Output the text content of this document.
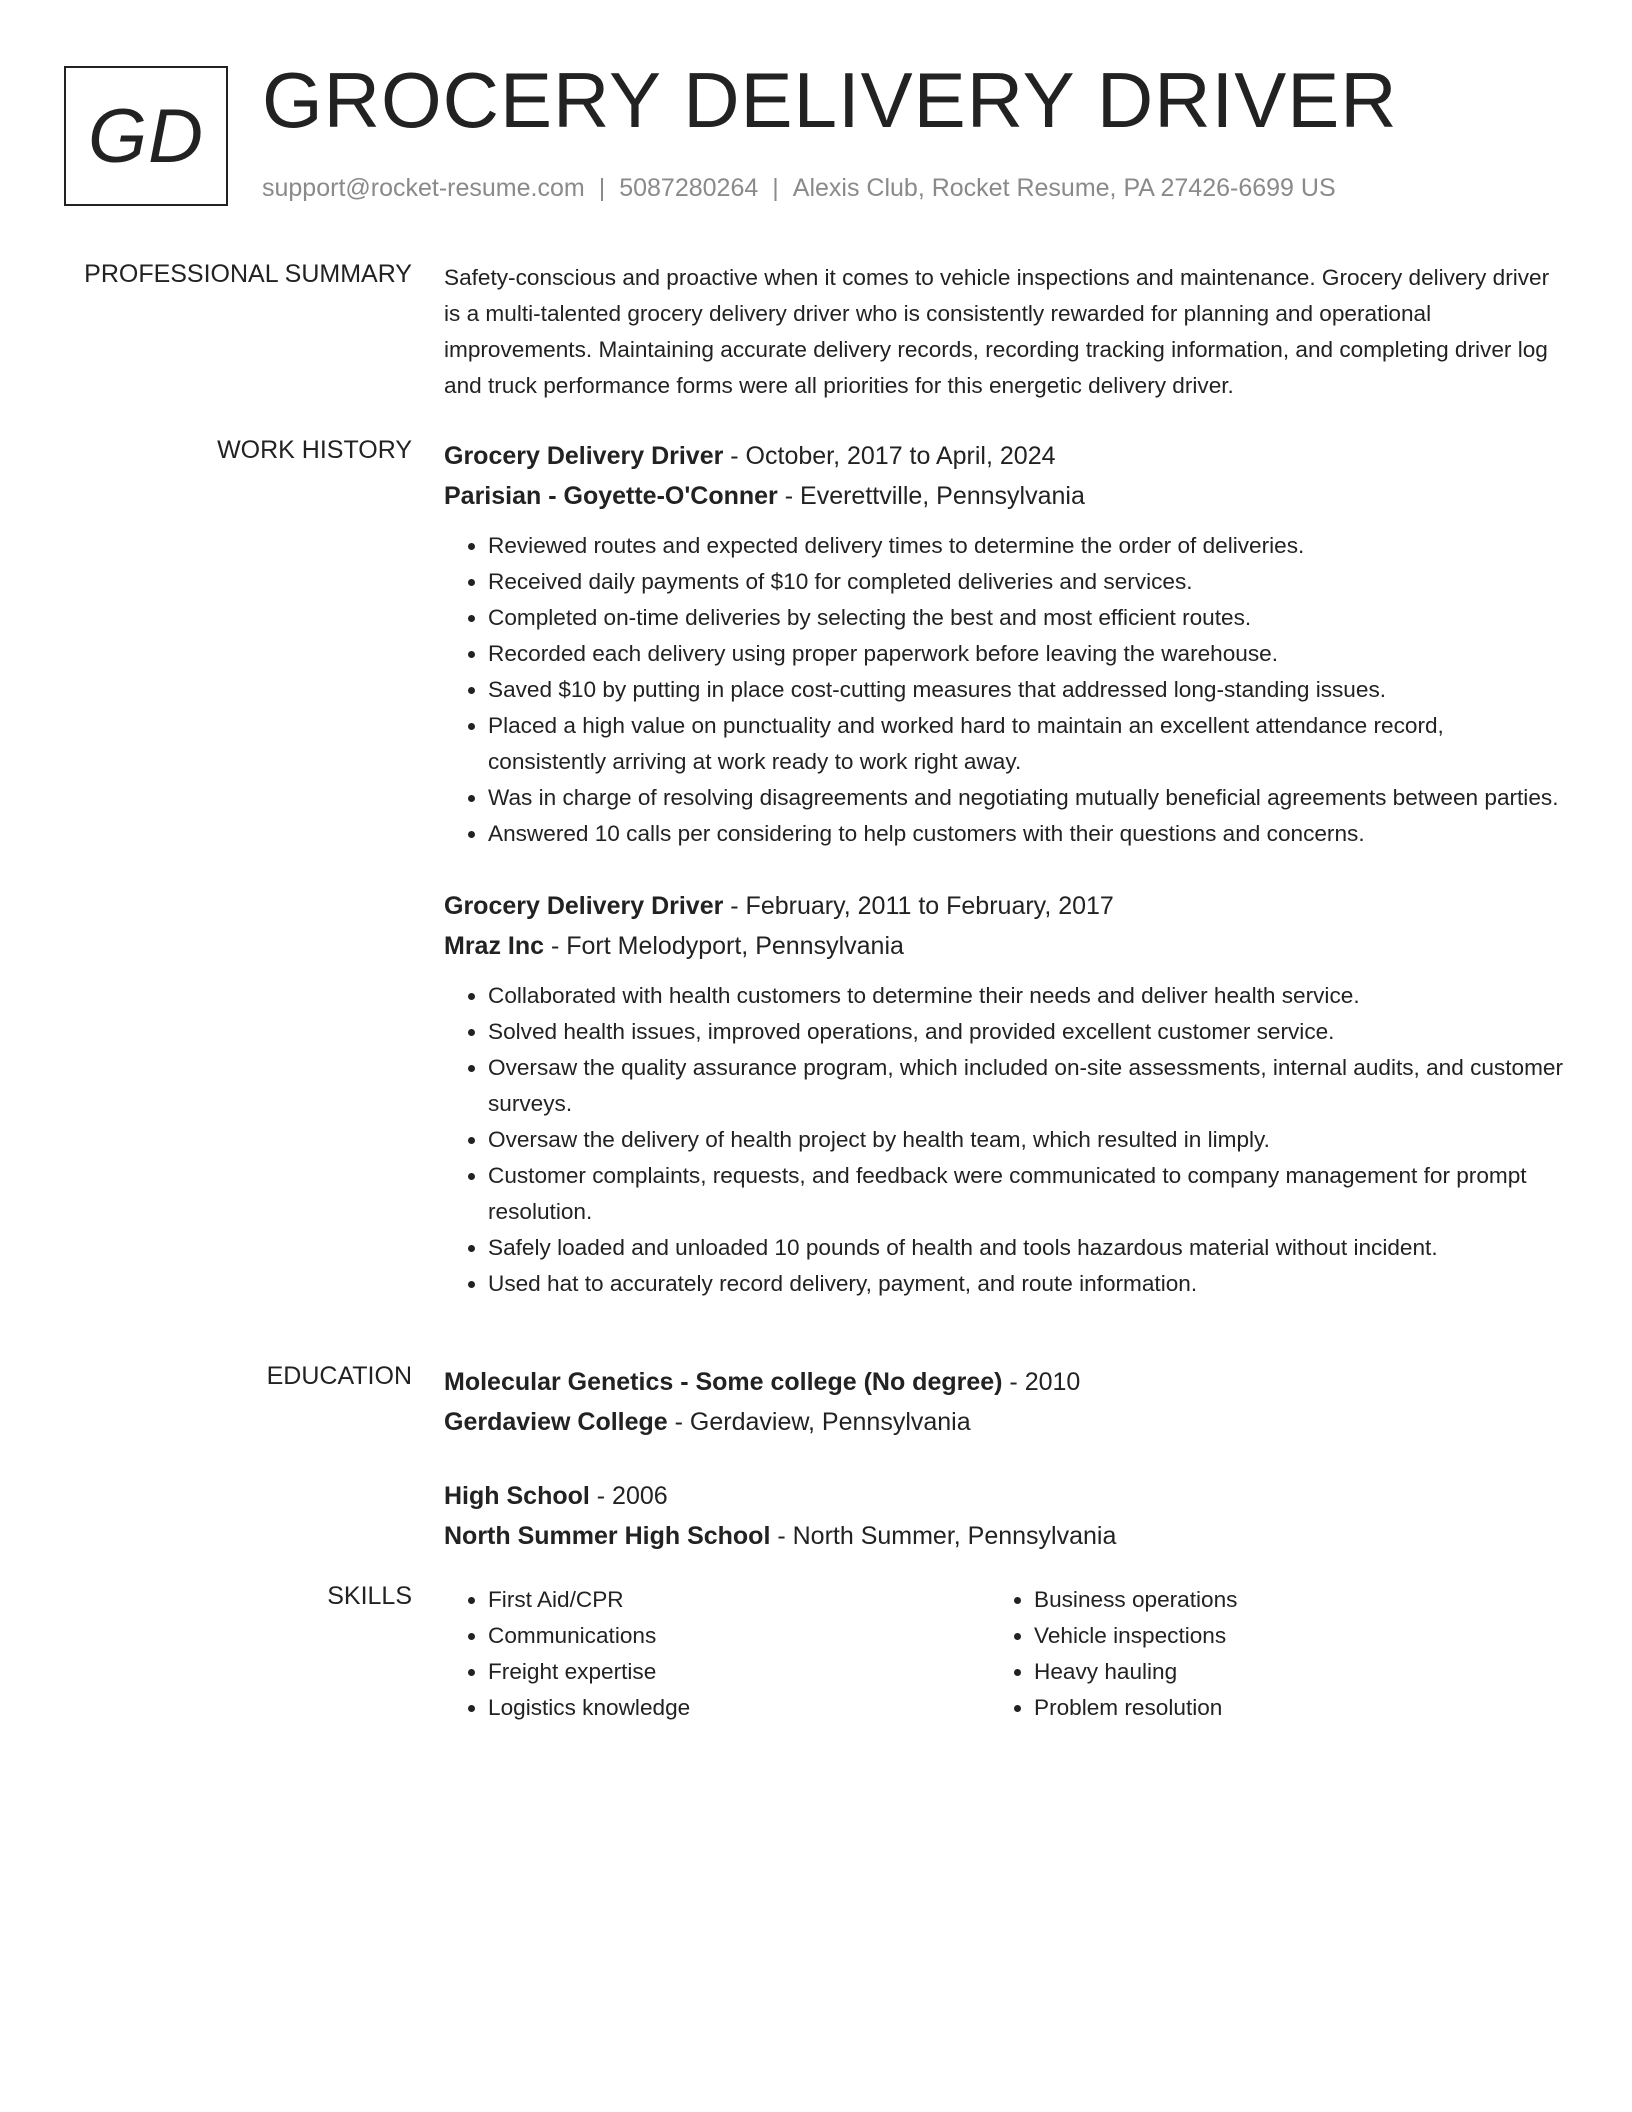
GD GROCERY DELIVERY DRIVER
support@rocket-resume.com | 5087280264 | Alexis Club, Rocket Resume, PA 27426-6699 US
PROFESSIONAL SUMMARY Safety-conscious and proactive when it comes to vehicle inspections and maintenance. Grocery delivery driver is a multi-talented grocery delivery driver who is consistently rewarded for planning and operational improvements. Maintaining accurate delivery records, recording tracking information, and completing driver log and truck performance forms were all priorities for this energetic delivery driver.

WORK HISTORY Grocery Delivery Driver - October, 2017 to April, 2024
Parisian - Goyette-O'Conner - Everettville, Pennsylvania
• Reviewed routes and expected delivery times to determine the order of deliveries.
• Received daily payments of $10 for completed deliveries and services.
• Completed on-time deliveries by selecting the best and most efficient routes.
• Recorded each delivery using proper paperwork before leaving the warehouse.
• Saved $10 by putting in place cost-cutting measures that addressed long-standing issues.
• Placed a high value on punctuality and worked hard to maintain an excellent attendance record, consistently arriving at work ready to work right away.
• Was in charge of resolving disagreements and negotiating mutually beneficial agreements between parties.
• Answered 10 calls per considering to help customers with their questions and concerns.
Grocery Delivery Driver - February, 2011 to February, 2017
Mraz Inc - Fort Melodyport, Pennsylvania
• Collaborated with health customers to determine their needs and deliver health service.
• Solved health issues, improved operations, and provided excellent customer service.
• Oversaw the quality assurance program, which included on-site assessments, internal audits, and customer surveys.
• Oversaw the delivery of health project by health team, which resulted in limply.
• Customer complaints, requests, and feedback were communicated to company management for prompt resolution.
• Safely loaded and unloaded 10 pounds of health and tools hazardous material without incident.
• Used hat to accurately record delivery, payment, and route information.
EDUCATION Molecular Genetics - Some college (No degree) - 2010
Gerdaview College - Gerdaview, Pennsylvania
High School - 2006
North Summer High School - North Summer, Pennsylvania
SKILLS
•	First Aid/CPR
• Communications
• Freight expertise
• Logistics knowledge
• Business operations
• Vehicle inspections
• Heavy hauling
• Problem resolution
